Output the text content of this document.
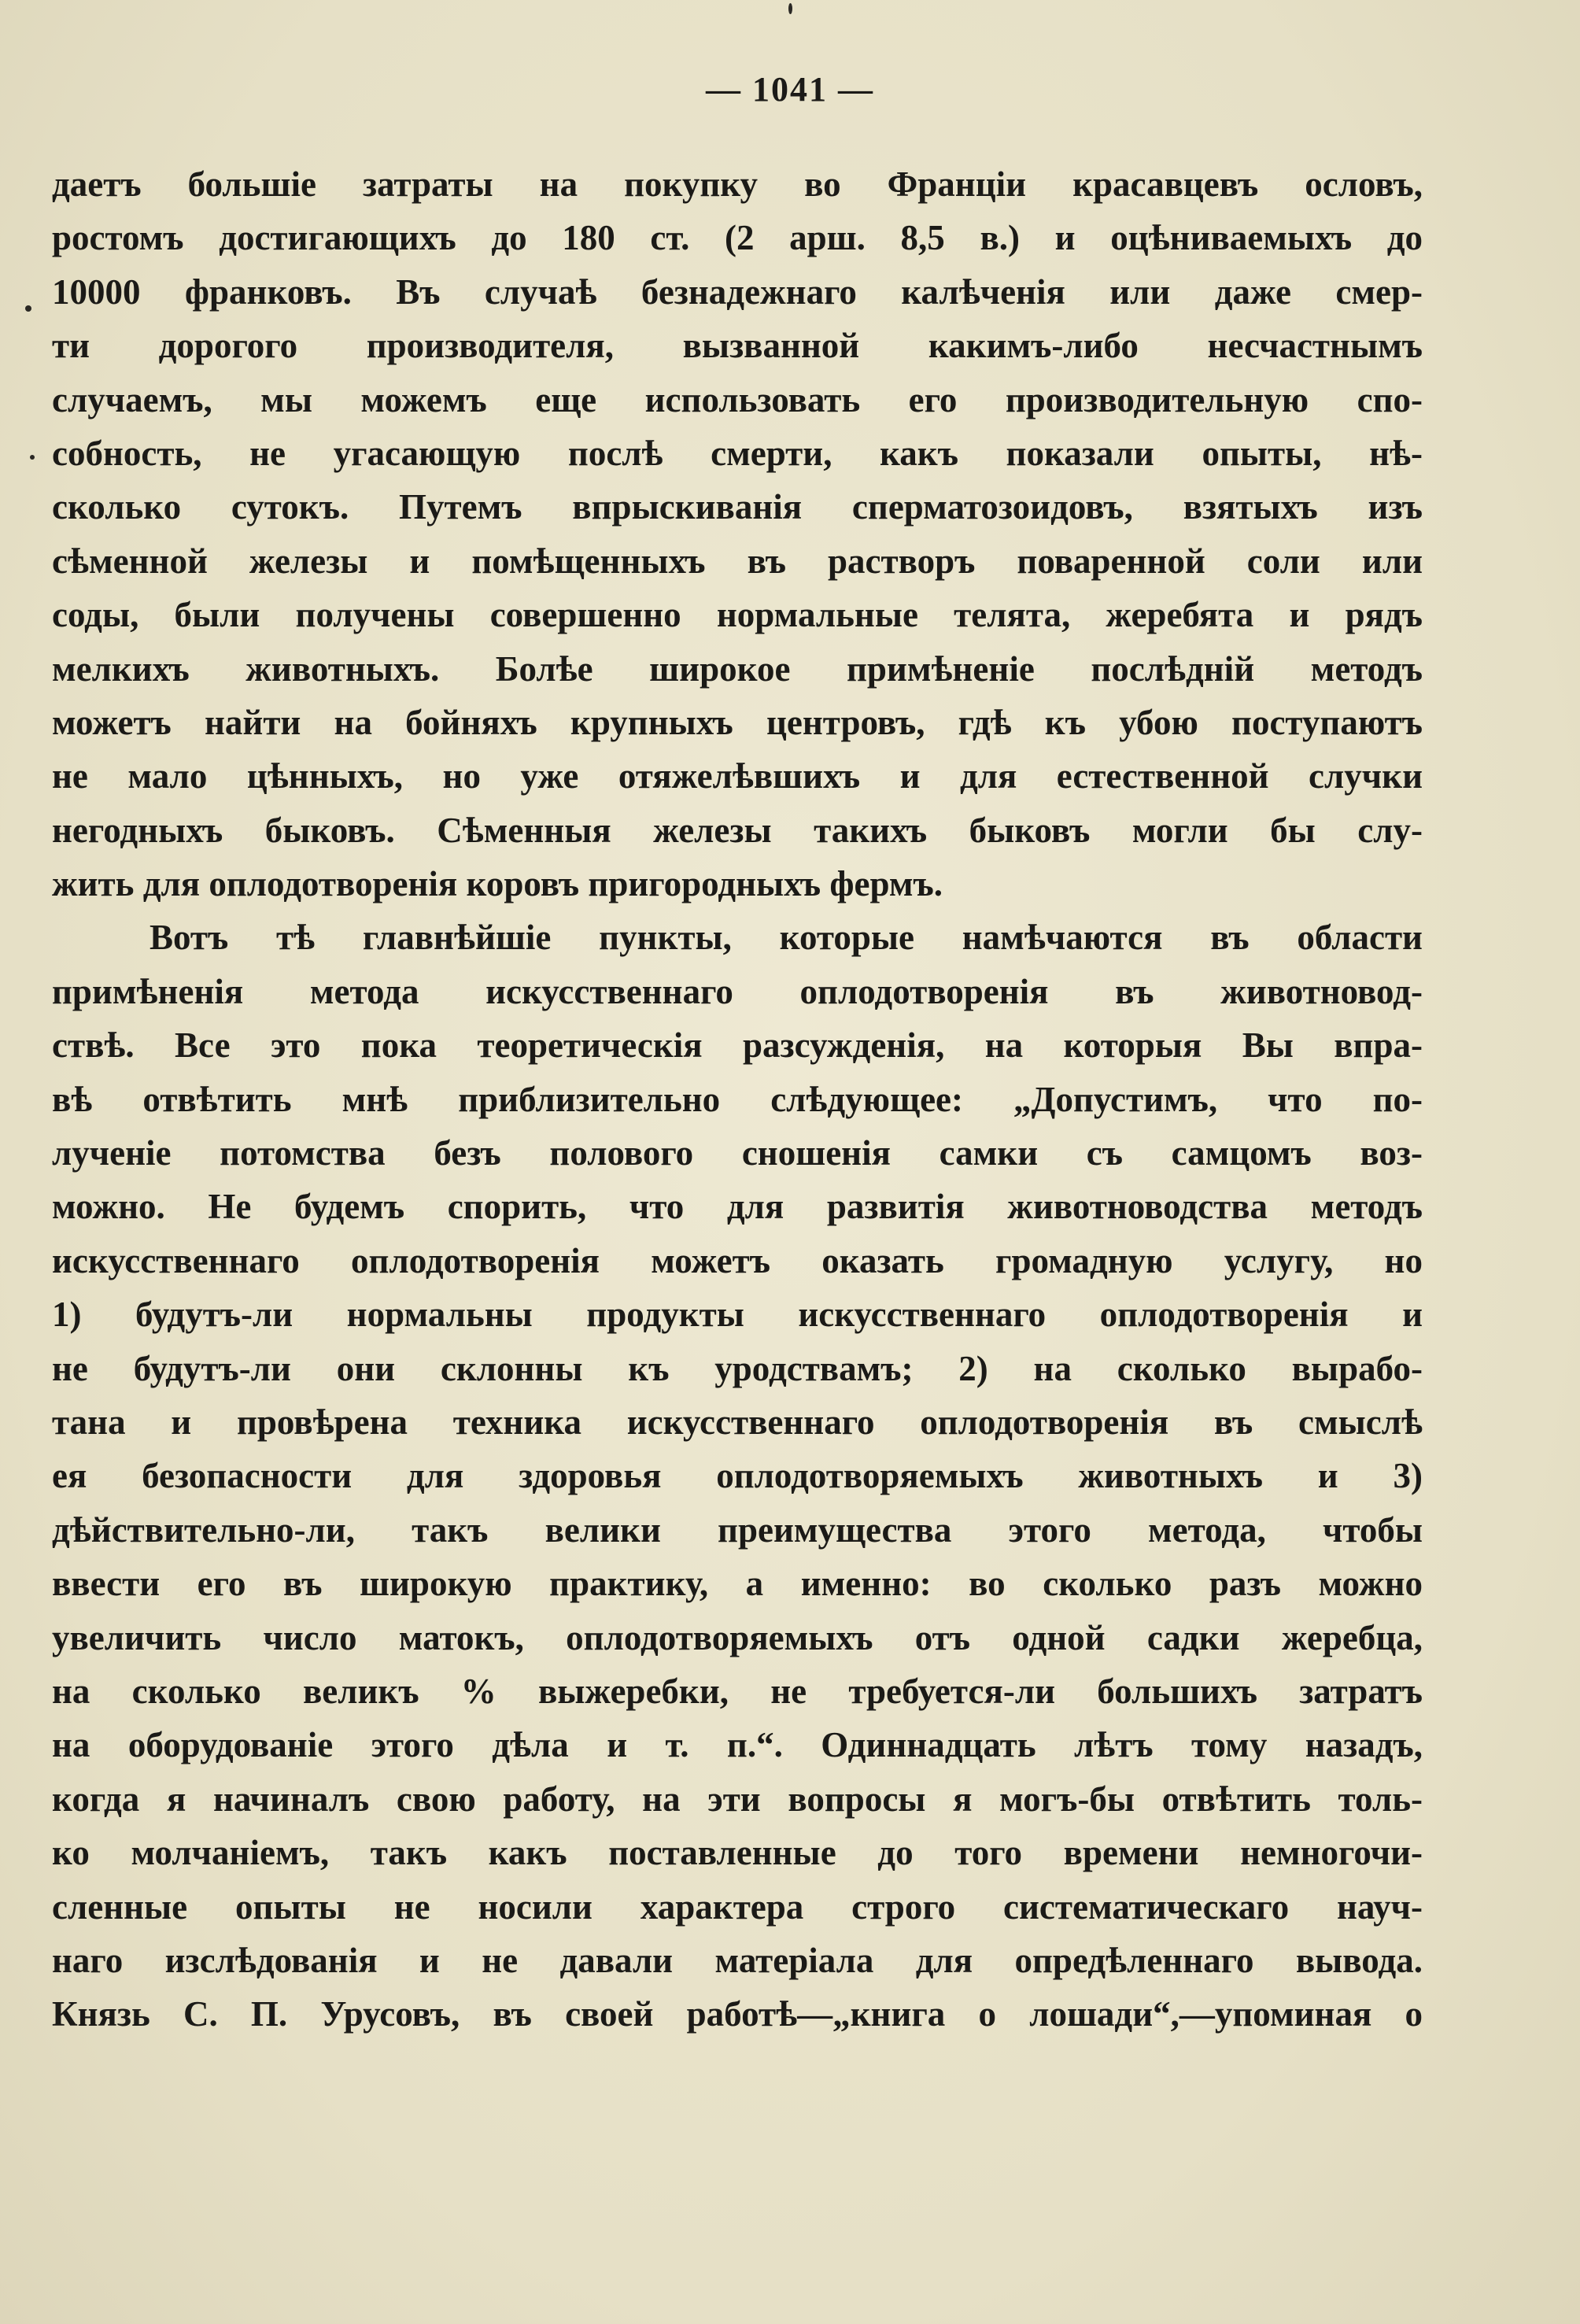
— 1041 —
даетъ большіе затраты на покупку во Франціи красавцевъ ословъ,
ростомъ достигающихъ до 180 ст. (2 арш. 8,5 в.) и оцѣниваемыхъ до
10000 франковъ. Въ случаѣ безнадежнаго калѣченія или даже смер-
ти дорогого производителя, вызванной какимъ-либо несчастнымъ
случаемъ, мы можемъ еще использовать его производительную спо-
собность, не угасающую послѣ смерти, какъ показали опыты, нѣ-
сколько сутокъ. Путемъ впрыскиванія сперматозоидовъ, взятыхъ изъ
сѣменной железы и помѣщенныхъ въ растворъ поваренной соли или
соды, были получены совершенно нормальные телята, жеребята и рядъ
мелкихъ животныхъ. Болѣе широкое примѣненіе послѣдній методъ
можетъ найти на бойняхъ крупныхъ центровъ, гдѣ къ убою поступаютъ
не мало цѣнныхъ, но уже отяжелѣвшихъ и для естественной случки
негодныхъ быковъ. Сѣменныя железы такихъ быковъ могли бы слу-
жить для оплодотворенія коровъ пригородныхъ фермъ.
Вотъ тѣ главнѣйшіе пункты, которые намѣчаются въ области
примѣненія метода искусственнаго оплодотворенія въ животновод-
ствѣ. Все это пока теоретическія разсужденія, на которыя Вы впра-
вѣ отвѣтить мнѣ приблизительно слѣдующее: „Допустимъ, что по-
лученіе потомства безъ полового сношенія самки съ самцомъ воз-
можно. Не будемъ спорить, что для развитія животноводства методъ
искусственнаго оплодотворенія можетъ оказать громадную услугу, но
1) будутъ-ли нормальны продукты искусственнаго оплодотворенія и
не будутъ-ли они склонны къ уродствамъ; 2) на сколько вырабо-
тана и провѣрена техника искусственнаго оплодотворенія въ смыслѣ
ея безопасности для здоровья оплодотворяемыхъ животныхъ и 3)
дѣйствительно-ли, такъ велики преимущества этого метода, чтобы
ввести его въ широкую практику, а именно: во сколько разъ можно
увеличить число матокъ, оплодотворяемыхъ отъ одной садки жеребца,
на сколько великъ % выжеребки, не требуется-ли большихъ затратъ
на оборудованіе этого дѣла и т. п.“. Одиннадцать лѣтъ тому назадъ,
когда я начиналъ свою работу, на эти вопросы я могъ-бы отвѣтить толь-
ко молчаніемъ, такъ какъ поставленные до того времени немногочи-
сленные опыты не носили характера строго систематическаго науч-
наго изслѣдованія и не давали матеріала для опредѣленнаго вывода.
Князь С. П. Урусовъ, въ своей работѣ—„книга о лошади“,—упоминая о
